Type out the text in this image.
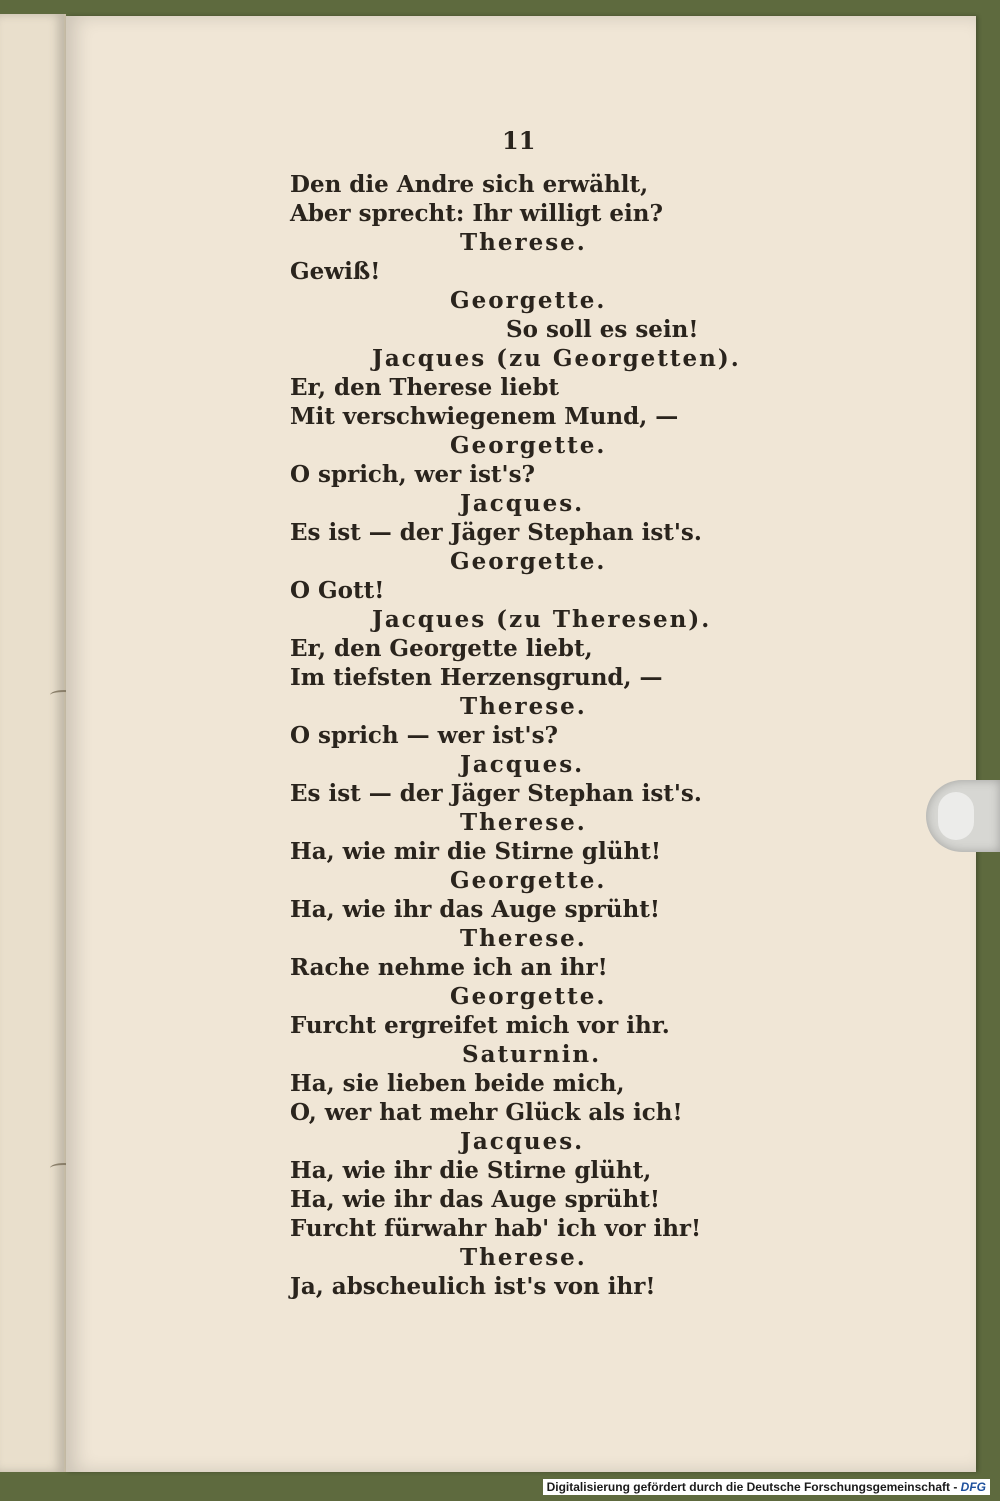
11
Den die Andre sich erwählt,
Aber sprecht: Ihr willigt ein?
Therese.
Gewiß!
Georgette.
So soll es sein!
Jacques (zu Georgetten).
Er, den Therese liebt
Mit verschwiegenem Mund, —
Georgette.
O sprich, wer ist's?
Jacques.
Es ist — der Jäger Stephan ist's.
Georgette.
O Gott!
Jacques (zu Theresen).
Er, den Georgette liebt,
Im tiefsten Herzensgrund, —
Therese.
O sprich — wer ist's?
Jacques.
Es ist — der Jäger Stephan ist's.
Therese.
Ha, wie mir die Stirne glüht!
Georgette.
Ha, wie ihr das Auge sprüht!
Therese.
Rache nehme ich an ihr!
Georgette.
Furcht ergreifet mich vor ihr.
Saturnin.
Ha, sie lieben beide mich,
O, wer hat mehr Glück als ich!
Jacques.
Ha, wie ihr die Stirne glüht,
Ha, wie ihr das Auge sprüht!
Furcht fürwahr hab' ich vor ihr!
Therese.
Ja, abscheulich ist's von ihr!
Digitalisierung gefördert durch die Deutsche Forschungsgemeinschaft - DFG
